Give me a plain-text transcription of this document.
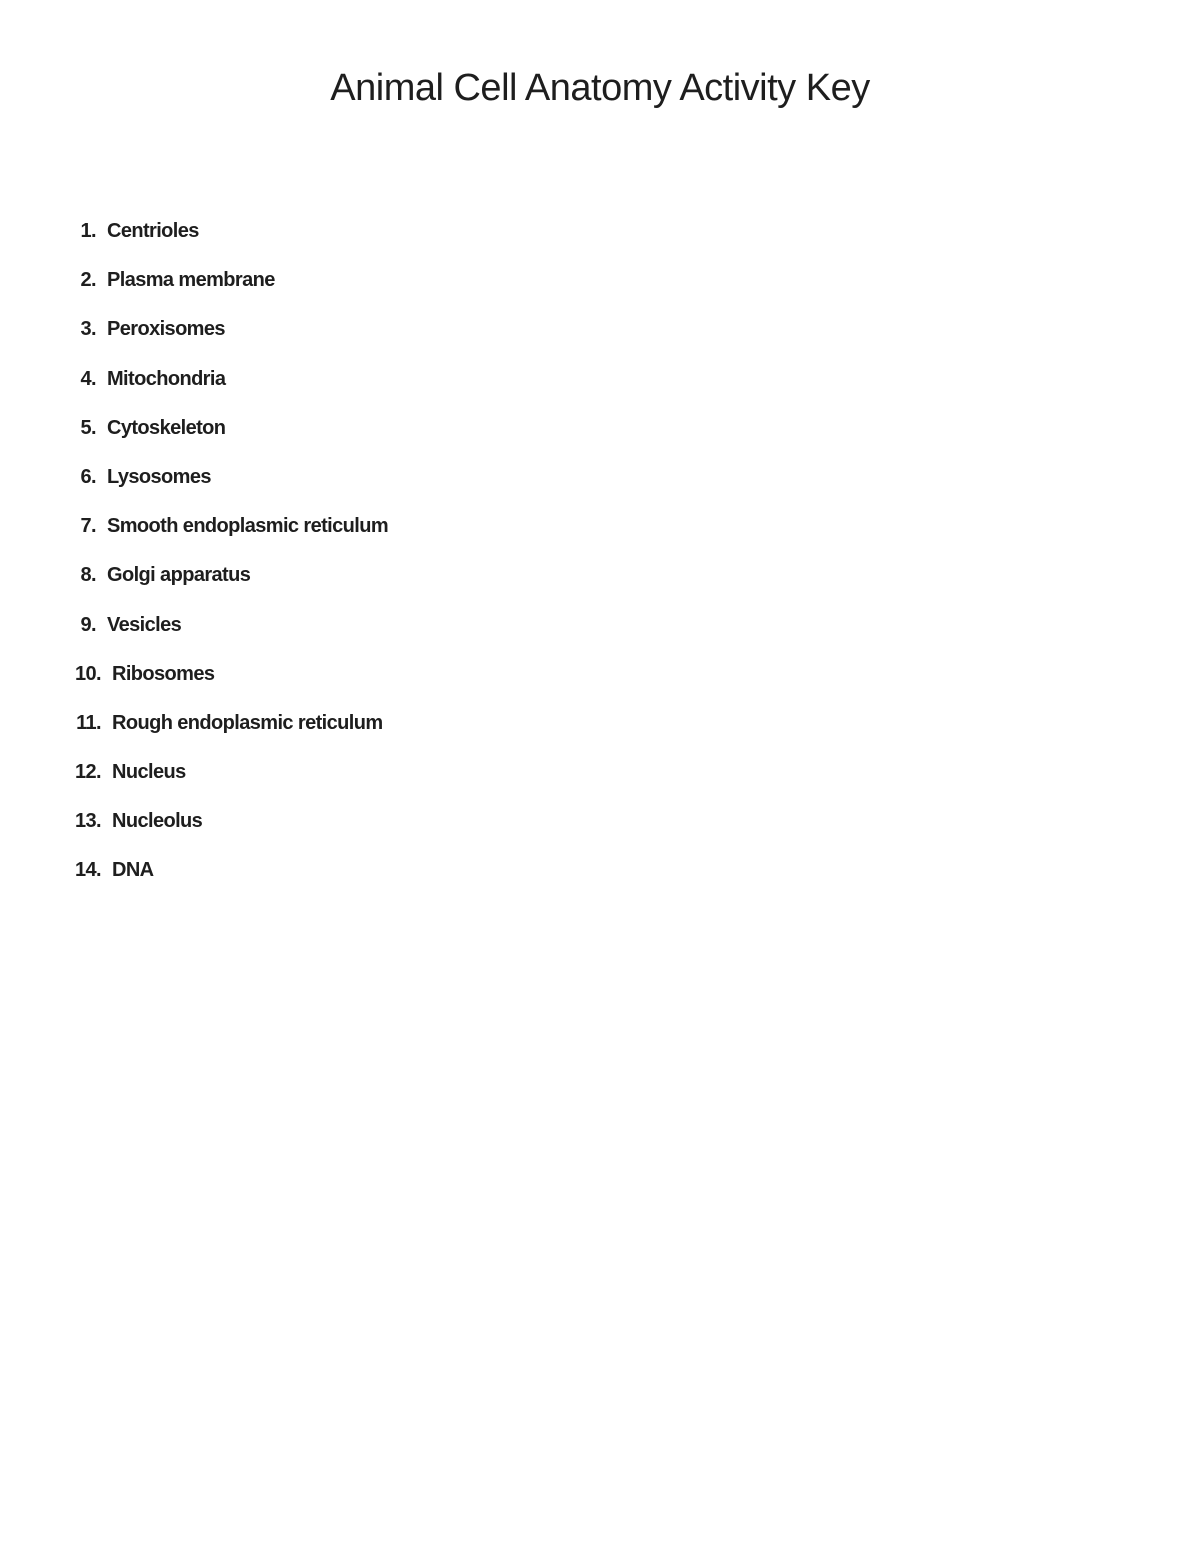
Animal Cell Anatomy Activity Key
1. Centrioles
2. Plasma membrane
3. Peroxisomes
4. Mitochondria
5. Cytoskeleton
6. Lysosomes
7. Smooth endoplasmic reticulum
8. Golgi apparatus
9. Vesicles
10. Ribosomes
11. Rough endoplasmic reticulum
12. Nucleus
13. Nucleolus
14. DNA
